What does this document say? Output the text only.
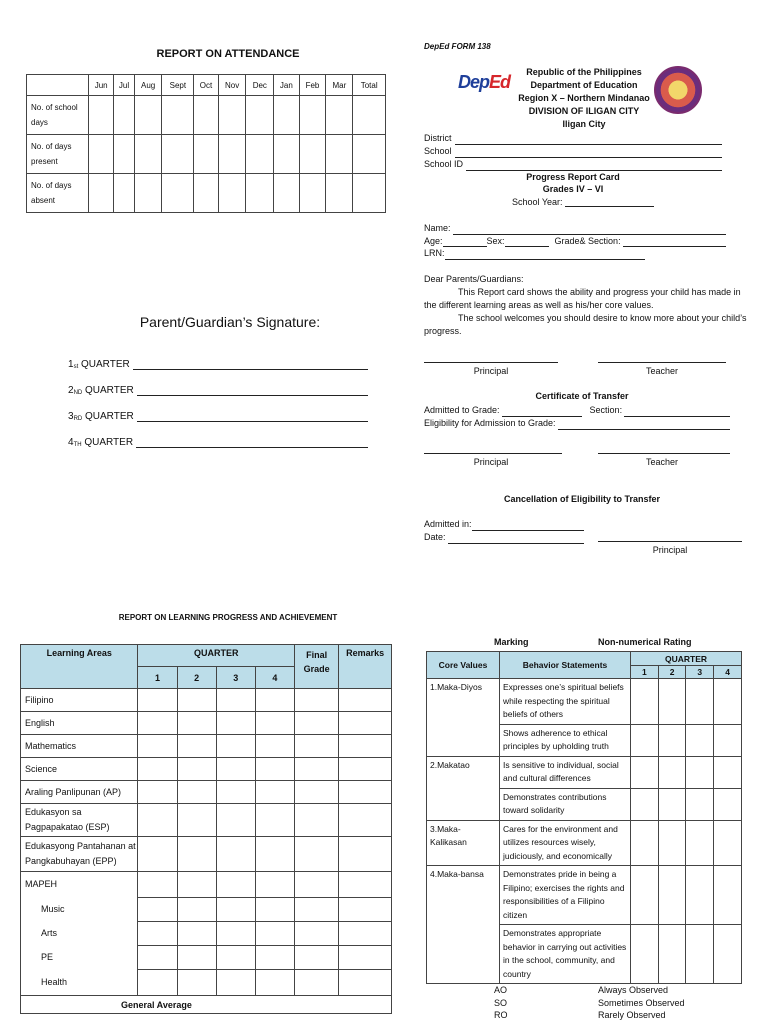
REPORT ON ATTENDANCE
	Jun	Jul	Aug	Sept	Oct	Nov	Dec	Jan	Feb	Mar	Total
No. of school days											
No. of days present											
No. of days absent											
Parent/Guardian’s Signature:
$1_{st}$
QUARTER
$2_{ND}$
QUARTER
$3_{RD}$
QUARTER
$4_{TH}$
QUARTER
DepEd FORM 138
DepEd	Republic of the Philippines
Department of Education
Region X – Northern Mindanao
DIVISION OF ILIGAN CITY
Iligan City
District
School
School ID
Progress Report Card
Grades IV – VI
School Year:
Name:
Age:	Sex:	Grade& Section:
LRN:
Dear Parents/Guardians:
This Report card shows the ability and progress your child has made in the different learning areas as well as his/her core values.
The school welcomes you should desire to know more about your child’s progress.
Principal	Teacher
Certificate of Transfer
Admitted to Grade:	Section:
Eligibility for Admission to Grade:
Principal	Teacher
Cancellation of Eligibility to Transfer
Admitted in:
Date:
Principal
REPORT ON LEARNING PROGRESS AND ACHIEVEMENT
Learning Areas	QUARTER				Final Grade	Remarks
	1	2	3	4		
Filipino						
English						
Mathematics						
Science						
Araling Panlipunan (AP)						
Edukasyon sa Pagpapakatao (ESP)						
Edukasyong Pantahanan at Pangkabuhayan (EPP)						
MAPEH						
Music						
Arts						
PE						
Health						
General Average						
Marking	Non-numerical Rating
Core Values	Behavior Statements	QUARTER			
		1	2	3	4
1.Maka-Diyos	Expresses one’s spiritual beliefs while respecting the spiritual beliefs of others				
	Shows adherence to ethical principles by upholding truth				
2.Makatao	Is sensitive to individual, social and cultural differences				
	Demonstrates contributions toward solidarity				
3.Maka-Kalikasan	Cares for the environment and utilizes resources wisely, judiciously, and economically				
4.Maka-bansa	Demonstrates pride in being a Filipino; exercises the rights and responsibilities of a Filipino citizen				
	Demonstrates appropriate behavior in carrying out activities in the school, community, and country				
AO	Always Observed
SO	Sometimes Observed
RO	Rarely Observed
